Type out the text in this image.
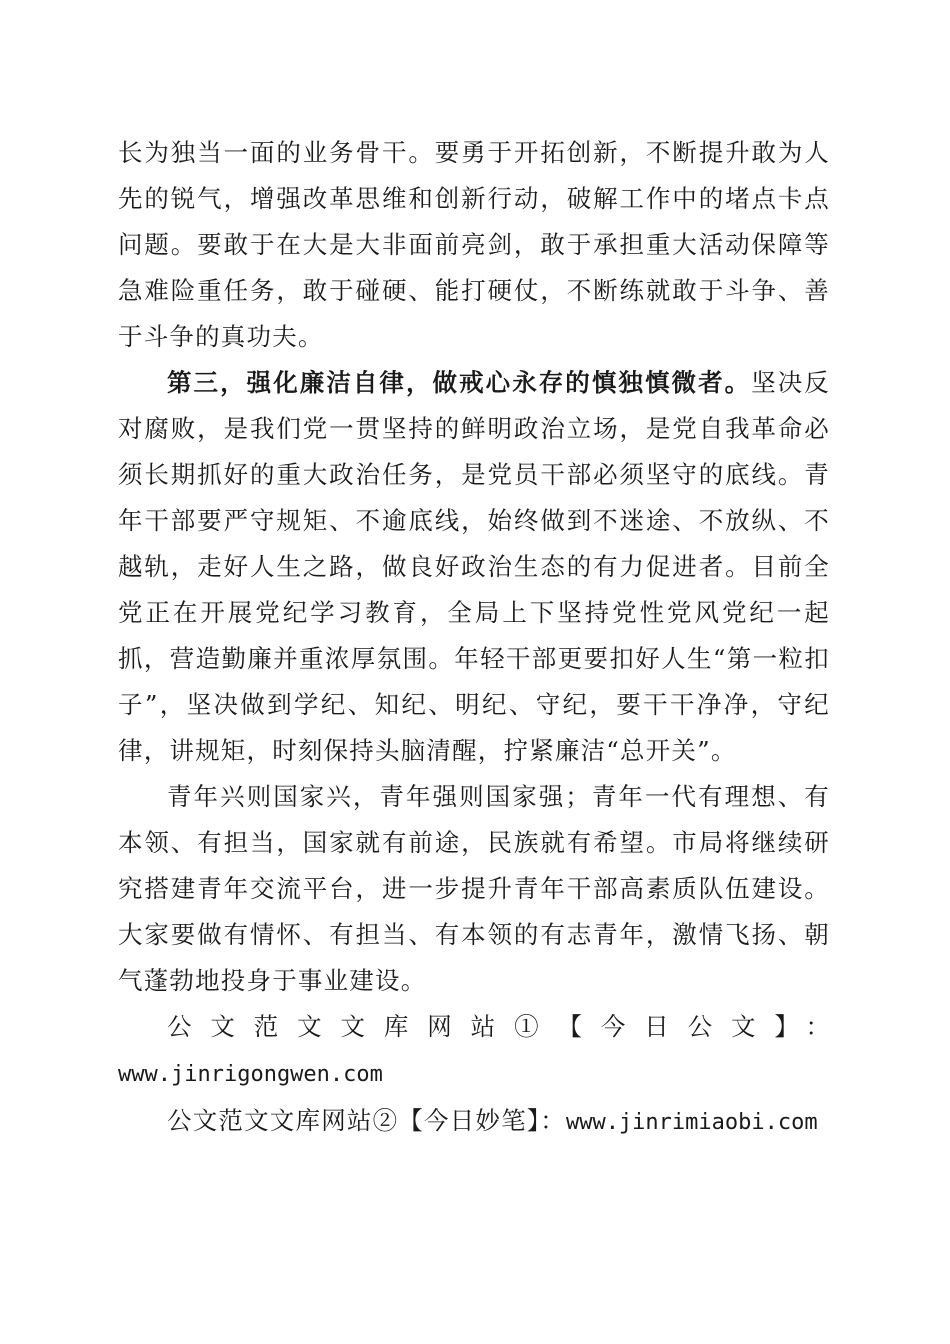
长为独当一面的业务骨干。要勇于开拓创新，不断提升敢为人先的锐气，增强改革思维和创新行动，破解工作中的堵点卡点问题。要敢于在大是大非面前亮剑，敢于承担重大活动保障等急难险重任务，敢于碰硬、能打硬仗，不断练就敢于斗争、善于斗争的真功夫。

第三，强化廉洁自律，做戒心永存的慎独慎微者。坚决反对腐败，是我们党一贯坚持的鲜明政治立场，是党自我革命必须长期抓好的重大政治任务，是党员干部必须坚守的底线。青年干部要严守规矩、不逾底线，始终做到不迷途、不放纵、不越轨，走好人生之路，做良好政治生态的有力促进者。目前全党正在开展党纪学习教育，全局上下坚持党性党风党纪一起抓，营造勤廉并重浓厚氛围。年轻干部更要扣好人生“第一粒扣子”，坚决做到学纪、知纪、明纪、守纪，要干干净净，守纪律，讲规矩，时刻保持头脑清醒，拧紧廉洁“总开关”。

青年兴则国家兴，青年强则国家强；青年一代有理想、有本领、有担当，国家就有前途，民族就有希望。市局将继续研究搭建青年交流平台，进一步提升青年干部高素质队伍建设。大家要做有情怀、有担当、有本领的有志青年，激情飞扬、朝气蓬勃地投身于事业建设。

公文范文文库网站①【今日公文】：

www.jinrigongwen.com

公文范文文库网站②【今日妙笔】：www.jinrimiaobi.com
